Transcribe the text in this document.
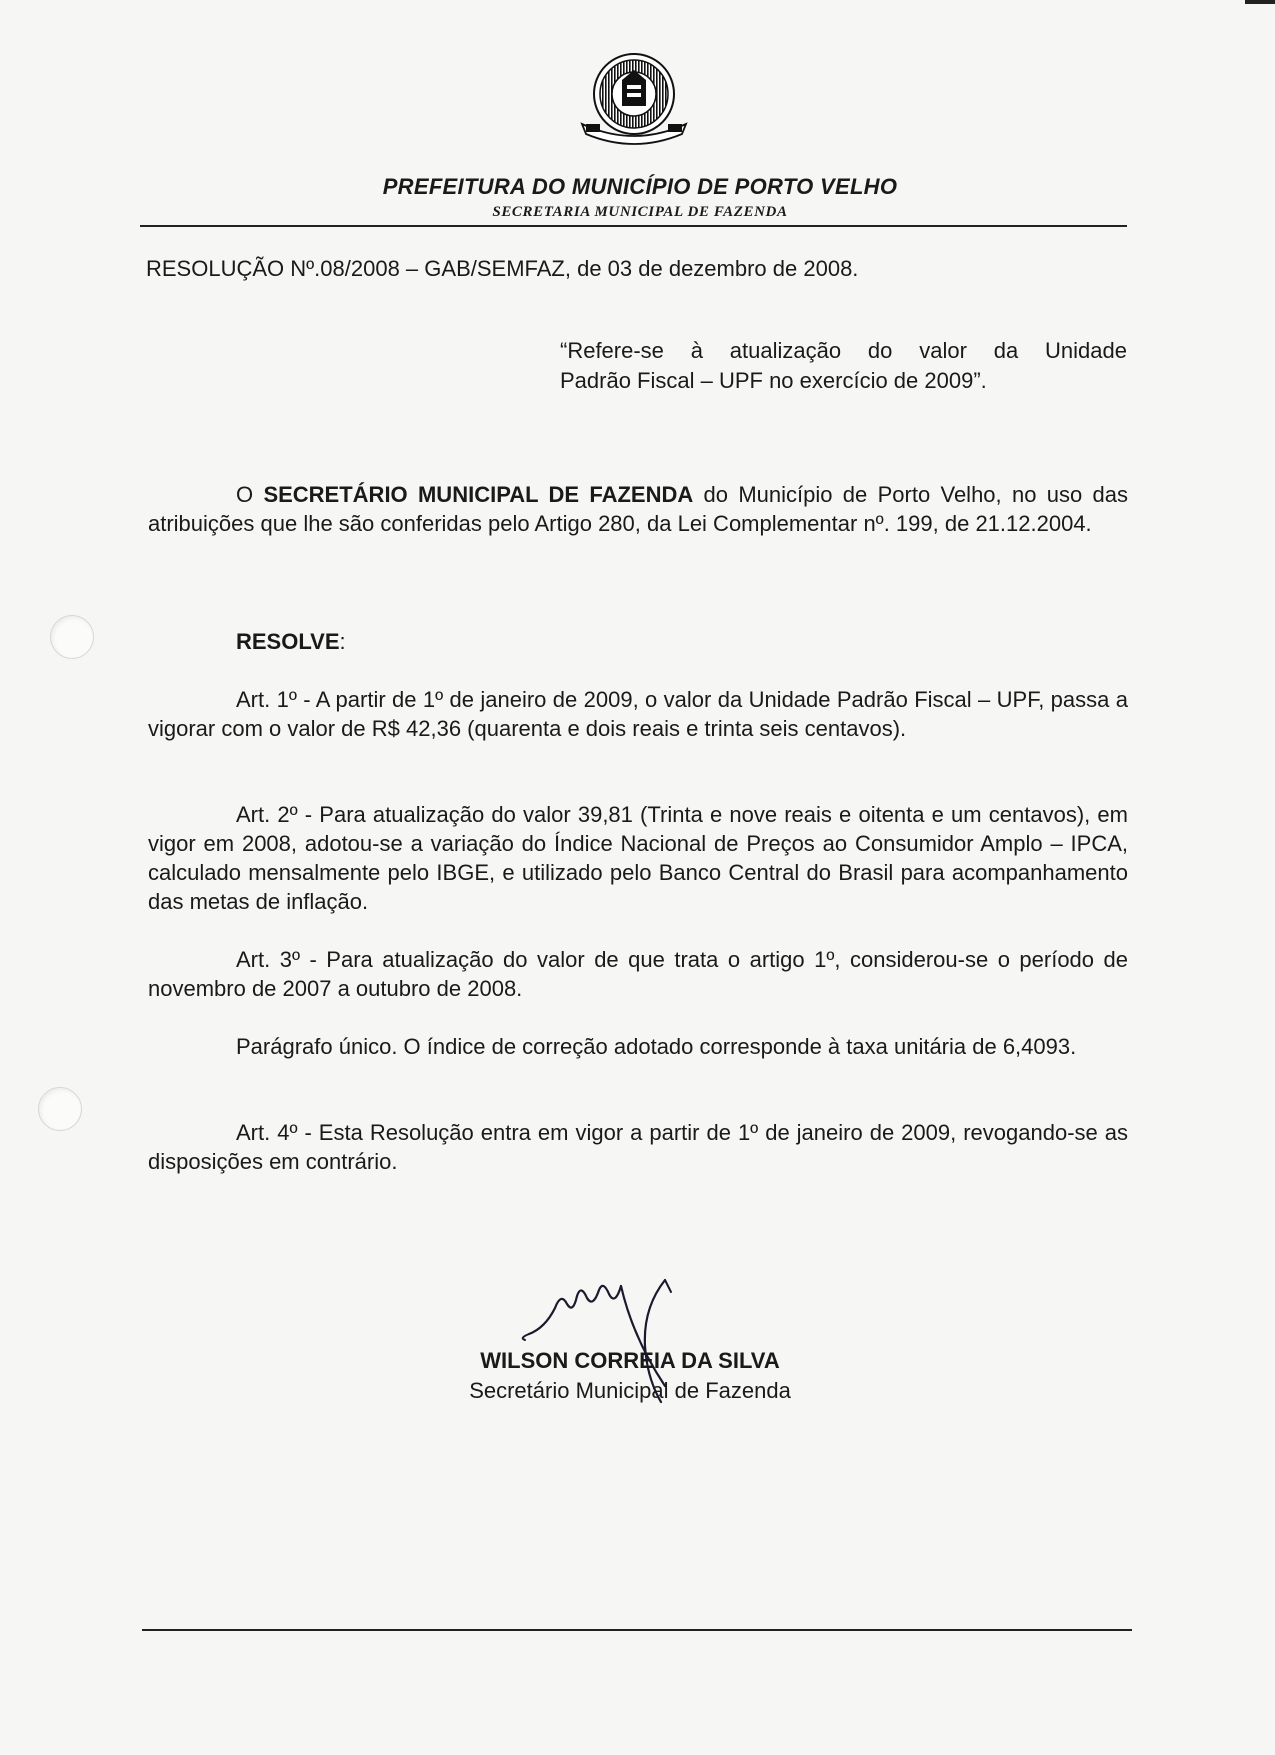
PREFEITURA DO MUNICÍPIO DE PORTO VELHO
SECRETARIA MUNICIPAL DE FAZENDA
RESOLUÇÃO Nº.08/2008 – GAB/SEMFAZ, de 03 de dezembro de 2008.
“Refere-se à atualização do valor da Unidade
Padrão Fiscal – UPF no exercício de 2009”.
O SECRETÁRIO MUNICIPAL DE FAZENDA do Município de Porto Velho, no uso das atribuições que lhe são conferidas pelo Artigo 280, da Lei Complementar nº. 199, de 21.12.2004.
RESOLVE:
Art. 1º - A partir de 1º de janeiro de 2009, o valor da Unidade Padrão Fiscal – UPF, passa a vigorar com o valor de R$ 42,36 (quarenta e dois reais e trinta seis centavos).
Art. 2º - Para atualização do valor 39,81 (Trinta e nove reais e oitenta e um centavos), em vigor em 2008, adotou-se a variação do Índice Nacional de Preços ao Consumidor Amplo – IPCA, calculado mensalmente pelo IBGE, e utilizado pelo Banco Central do Brasil para acompanhamento das metas de inflação.
Art. 3º - Para atualização do valor de que trata o artigo 1º, considerou-se o período de novembro de 2007 a outubro de 2008.
Parágrafo único. O índice de correção adotado corresponde à taxa unitária de 6,4093.
Art. 4º - Esta Resolução entra em vigor a partir de 1º de janeiro de 2009, revogando-se as disposições em contrário.
WILSON CORREIA DA SILVA
Secretário Municipal de Fazenda
